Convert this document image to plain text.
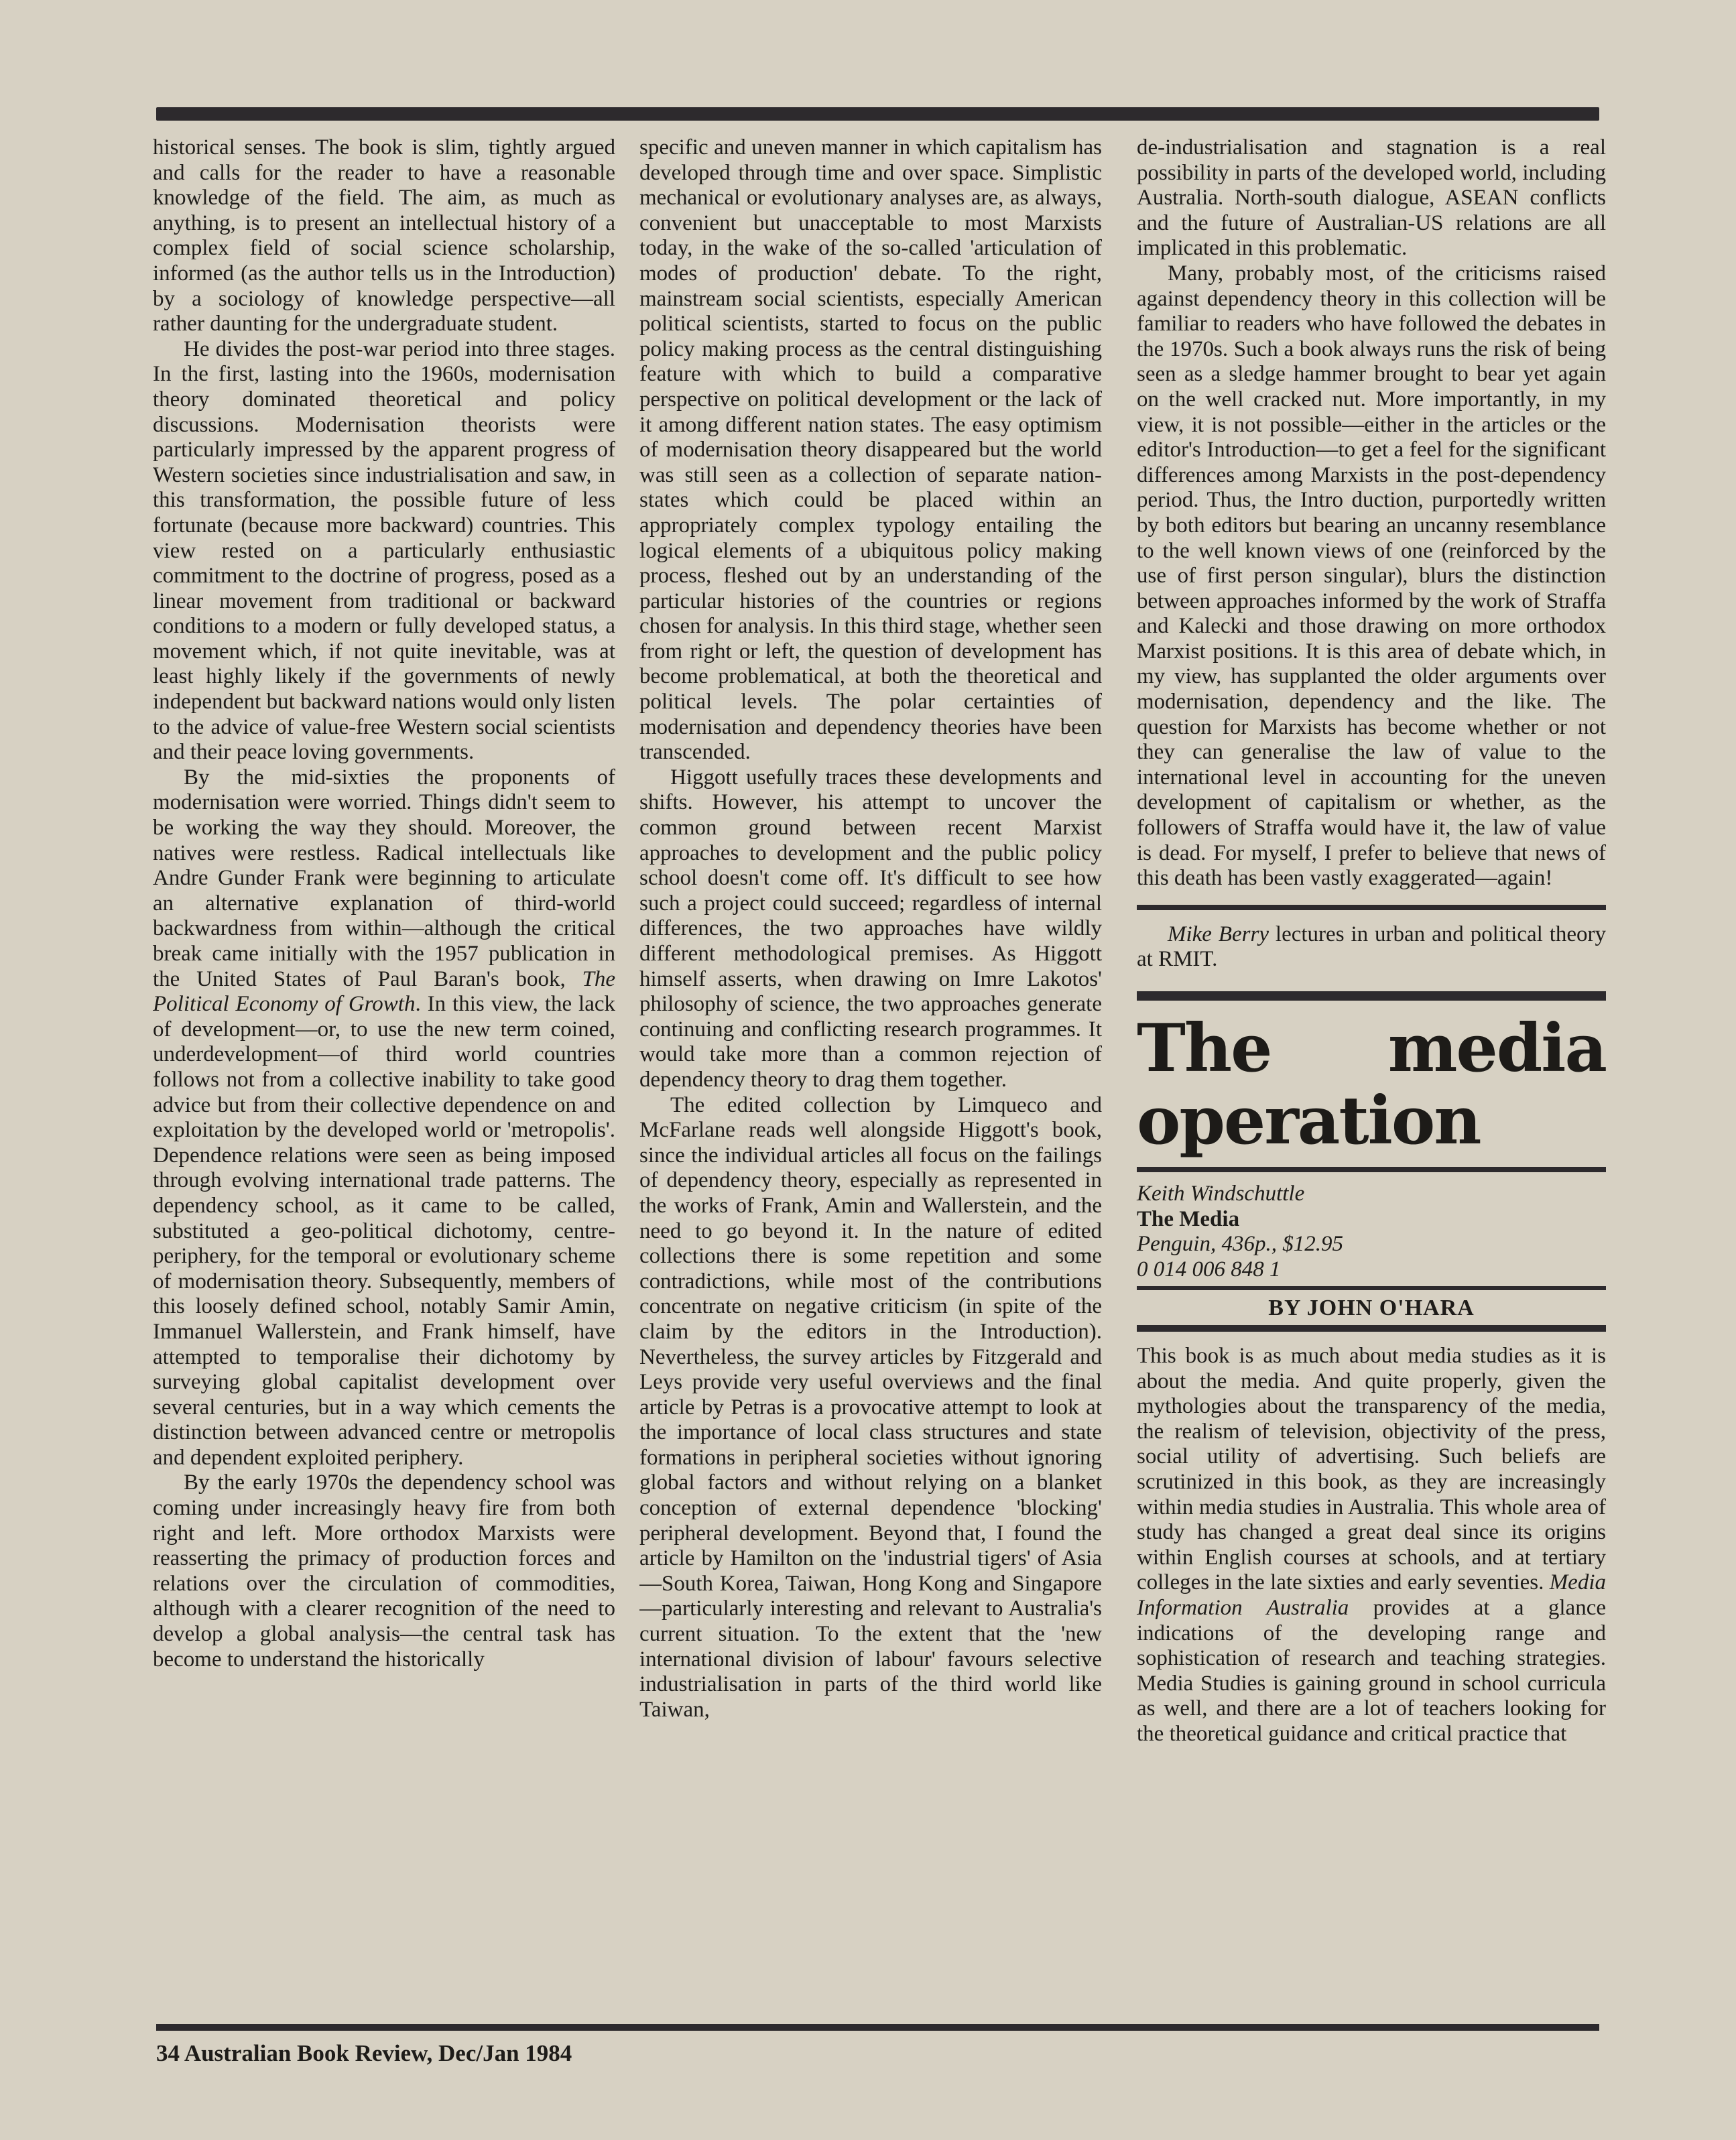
historical senses. The book is slim, tightly argued and calls for the reader to have a reasonable knowledge of the field. The aim, as much as anything, is to present an intellectual history of a complex field of social science scholarship, informed (as the author tells us in the Introduction) by a sociology of knowledge perspective—all rather daunting for the undergraduate student.

He divides the post-war period into three stages. In the first, lasting into the 1960s, modernisation theory dominated theoretical and policy discussions. Modernisation theorists were particularly impressed by the apparent progress of Western societies since industrialisation and saw, in this transformation, the possible future of less fortunate (because more backward) countries. This view rested on a particularly enthusiastic commitment to the doctrine of progress, posed as a linear movement from traditional or backward conditions to a modern or fully developed status, a movement which, if not quite inevitable, was at least highly likely if the governments of newly independent but backward nations would only listen to the advice of value-free Western social scientists and their peace loving governments.

By the mid-sixties the proponents of modernisation were worried. Things didn't seem to be working the way they should. Moreover, the natives were restless. Radical intellectuals like Andre Gunder Frank were beginning to articulate an alternative explanation of third-world backwardness from within—although the critical break came initially with the 1957 publication in the United States of Paul Baran's book, The Political Economy of Growth. In this view, the lack of development—or, to use the new term coined, underdevelopment—of third world countries follows not from a collective inability to take good advice but from their collective dependence on and exploitation by the developed world or 'metropolis'. Dependence relations were seen as being imposed through evolving international trade patterns. The dependency school, as it came to be called, substituted a geo-political dichotomy, centre-periphery, for the temporal or evolutionary scheme of modernisation theory. Subsequently, members of this loosely defined school, notably Samir Amin, Immanuel Wallerstein, and Frank himself, have attempted to temporalise their dichotomy by surveying global capitalist development over several centuries, but in a way which cements the distinction between advanced centre or metropolis and dependent exploited periphery.

By the early 1970s the dependency school was coming under increasingly heavy fire from both right and left. More orthodox Marxists were reasserting the primacy of production forces and relations over the circulation of commodities, although with a clearer recognition of the need to develop a global analysis—the central task has become to understand the historically

specific and uneven manner in which capitalism has developed through time and over space. Simplistic mechanical or evolutionary analyses are, as always, convenient but unacceptable to most Marxists today, in the wake of the so-called 'articulation of modes of production' debate. To the right, mainstream social scientists, especially American political scientists, started to focus on the public policy making process as the central distinguishing feature with which to build a comparative perspective on political development or the lack of it among different nation states. The easy optimism of modernisation theory disappeared but the world was still seen as a collection of separate nation-states which could be placed within an appropriately complex typology entailing the logical elements of a ubiquitous policy making process, fleshed out by an understanding of the particular histories of the countries or regions chosen for analysis. In this third stage, whether seen from right or left, the question of development has become problematical, at both the theoretical and political levels. The polar certainties of modernisation and dependency theories have been transcended.

Higgott usefully traces these developments and shifts. However, his attempt to uncover the common ground between recent Marxist approaches to development and the public policy school doesn't come off. It's difficult to see how such a project could succeed; regardless of internal differences, the two approaches have wildly different methodological premises. As Higgott himself asserts, when drawing on Imre Lakotos' philosophy of science, the two approaches generate continuing and conflicting research programmes. It would take more than a common rejection of dependency theory to drag them together.

The edited collection by Limqueco and McFarlane reads well alongside Higgott's book, since the individual articles all focus on the failings of dependency theory, especially as represented in the works of Frank, Amin and Wallerstein, and the need to go beyond it. In the nature of edited collections there is some repetition and some contradictions, while most of the contributions concentrate on negative criticism (in spite of the claim by the editors in the Introduction). Nevertheless, the survey articles by Fitzgerald and Leys provide very useful overviews and the final article by Petras is a provocative attempt to look at the importance of local class structures and state formations in peripheral societies without ignoring global factors and without relying on a blanket conception of external dependence 'blocking' peripheral development. Beyond that, I found the article by Hamilton on the 'industrial tigers' of Asia—South Korea, Taiwan, Hong Kong and Singapore—particularly interesting and relevant to Australia's current situation. To the extent that the 'new international division of labour' favours selective industrialisation in parts of the third world like Taiwan,

de-industrialisation and stagnation is a real possibility in parts of the developed world, including Australia. North-south dialogue, ASEAN conflicts and the future of Australian-US relations are all implicated in this problematic.

Many, probably most, of the criticisms raised against dependency theory in this collection will be familiar to readers who have followed the debates in the 1970s. Such a book always runs the risk of being seen as a sledge hammer brought to bear yet again on the well cracked nut. More importantly, in my view, it is not possible—either in the articles or the editor's Introduction—to get a feel for the significant differences among Marxists in the post-dependency period. Thus, the Intro duction, purportedly written by both editors but bearing an uncanny resemblance to the well known views of one (reinforced by the use of first person singular), blurs the distinction between approaches informed by the work of Straffa and Kalecki and those drawing on more orthodox Marxist positions. It is this area of debate which, in my view, has supplanted the older arguments over modernisation, dependency and the like. The question for Marxists has become whether or not they can generalise the law of value to the international level in accounting for the uneven development of capitalism or whether, as the followers of Straffa would have it, the law of value is dead. For myself, I prefer to believe that news of this death has been vastly exaggerated—again!

Mike Berry lectures in urban and political theory at RMIT.

The media operation
Keith Windschuttle
The Media
Penguin, 436p., $12.95
0 014 006 848 1
BY JOHN O'HARA

This book is as much about media studies as it is about the media. And quite properly, given the mythologies about the transparency of the media, the realism of television, objectivity of the press, social utility of advertising. Such beliefs are scrutinized in this book, as they are increasingly within media studies in Australia. This whole area of study has changed a great deal since its origins within English courses at schools, and at tertiary colleges in the late sixties and early seventies. Media Information Australia provides at a glance indications of the developing range and sophistication of research and teaching strategies. Media Studies is gaining ground in school curricula as well, and there are a lot of teachers looking for the theoretical guidance and critical practice that

34 Australian Book Review, Dec/Jan 1984
